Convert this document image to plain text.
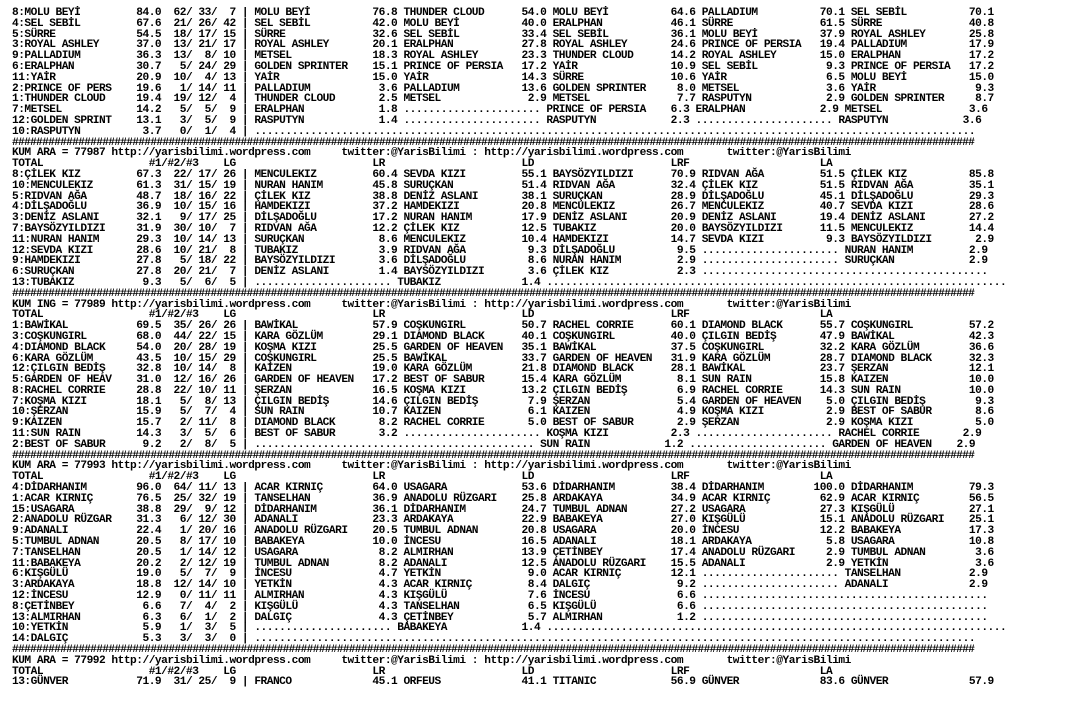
8:MOLU BEYİ         84.0  62/ 33/  7 | MOLU BEYİ          76.8 THUNDER CLOUD      54.0 MOLU BEYİ          64.6 PALLADIUM          70.1 SEL SEBİL          70.1
4:SEL SEBİL         67.6  21/ 26/ 42 | SEL SEBİL          42.0 MOLU BEYİ          40.0 ERALPHAN           46.1 SÜRRE              61.5 SÜRRE              40.8
5:SÜRRE             54.5  18/ 17/ 15 | SÜRRE              32.6 SEL SEBİL          33.4 SEL SEBİL          36.1 MOLU BEYİ          37.9 ROYAL ASHLEY       25.8
3:ROYAL ASHLEY      37.0  13/ 21/ 17 | ROYAL ASHLEY       20.1 ERALPHAN           27.8 ROYAL ASHLEY       24.6 PRINCE OF PERSIA   19.4 PALLADIUM          17.9
9:PALLADIUM         36.3  13/  8/ 10 | METSEL             18.3 ROYAL ASHLEY       23.3 THUNDER CLOUD      14.2 ROYAL ASHLEY       15.0 ERALPHAN           17.2
6:ERALPHAN          30.7   5/ 24/ 29 | GOLDEN SPRINTER    15.1 PRINCE OF PERSIA   17.2 YAİR               10.9 SEL SEBİL           9.3 PRINCE OF PERSIA   17.2
11:YAİR             20.9  10/  4/ 13 | YAİR               15.0 YAİR               14.3 SÜRRE              10.6 YAİR                6.5 MOLU BEYİ          15.0
2:PRINCE OF PERS    19.6   1/ 14/ 11 | PALLADIUM           3.6 PALLADIUM          13.6 GOLDEN SPRINTER     8.0 METSEL              3.6 YAİR                9.3
1:THUNDER CLOUD     19.4  19/ 12/  4 | THUNDER CLOUD       2.5 METSEL              2.9 METSEL              7.7 RASPUTYN            2.9 GOLDEN SPRINTER     8.7
7:METSEL            14.2   5/  5/  9 | ERALPHAN            1.8 ...................... PRINCE OF PERSIA    6.3 ERALPHAN            2.9 METSEL              3.6
12:GOLDEN SPRINT    13.1   3/  5/  9 | RASPUTYN            1.4 ...................... RASPUTYN            2.3 ...................... RASPUTYN            3.6
10:RASPUTYN          3.7   0/  1/  4 | ....................................................................................................................
################################################################################################################################################################
KUM ARA = 77987 http://yarisbilimi.wordpress.com     twitter:@YarisBilimi : http://yarisbilimi.wordpress.com       twitter:@YarisBilimi
TOTAL                 #1/#2/#3    LG                      LR                      LD                      LRF                     LA
8:ÇİLEK KIZ         67.3  22/ 17/ 26 | MENCULEKIZ         60.4 SEVDA KIZI         55.1 BAYSÖZYILDIZI      70.9 RIDVAN AĞA         51.5 ÇİLEK KIZ          85.8
10:MENCULEKIZ       61.3  31/ 15/ 19 | NURAN HANIM        45.8 SURUÇKAN           51.4 RIDVAN AĞA         32.4 ÇİLEK KIZ          51.5 RIDVAN AĞA         35.1
5:RIDVAN AĞA        48.7  18/ 16/ 22 | ÇİLEK KIZ          38.8 DENİZ ASLANI       38.1 SURUÇKAN           28.9 DİLŞADOĞLU         45.1 DİLŞADOĞLU         29.3
4:DİLŞADOĞLU        36.9  10/ 15/ 16 | HAMDEKIZI          37.2 HAMDEKIZI          20.8 MENCULEKIZ         26.7 MENCULEKIZ         40.7 SEVDA KIZI         28.6
3:DENİZ ASLANI      32.1   9/ 17/ 25 | DİLŞADOĞLU         17.2 NURAN HANIM        17.9 DENİZ ASLANI       20.9 DENİZ ASLANI       19.4 DENİZ ASLANI       27.2
7:BAYSÖZYILDIZI     31.9  30/ 10/  7 | RIDVAN AĞA         12.2 ÇİLEK KIZ          12.5 TUBAKIZ            20.0 BAYSÖZYILDIZI      11.5 MENCULEKIZ         14.4
11:NURAN HANIM      29.3  10/ 14/ 13 | SURUÇKAN            8.6 MENCULEKIZ         10.4 HAMDEKIZI          14.7 SEVDA KIZI          9.3 BAYSÖZYILDIZI       2.9
12:SEVDA KIZI       28.6  10/ 21/  8 | TUBAKIZ             3.9 RIDVAN AĞA          9.3 DİLŞADOĞLU          9.5 ...................... NURAN HANIM         2.9
9:HAMDEKIZI         27.8   5/ 18/ 22 | BAYSÖZYILDIZI       3.6 DİLŞADOĞLU          8.6 NURAN HANIM         2.9 ...................... SURUÇKAN            2.9
6:SURUÇKAN          27.8  20/ 21/  7 | DENİZ ASLANI        1.4 BAYSÖZYILDIZI       3.6 ÇİLEK KIZ           2.3 ..............................................
13:TUBAKIZ           9.3   5/  6/  5 | ...................... TUBAKIZ             1.4 ..........................................................................
################################################################################################################################################################
KUM ING = 77989 http://yarisbilimi.wordpress.com     twitter:@YarisBilimi : http://yarisbilimi.wordpress.com       twitter:@YarisBilimi
TOTAL                 #1/#2/#3    LG                      LR                      LD                      LRF                     LA
1:BAWİKAL           69.5  35/ 26/ 26 | BAWİKAL            57.9 COŞKUNGIRL         50.7 RACHEL CORRIE      60.1 DIAMOND BLACK      55.7 COŞKUNGIRL         57.2
3:COŞKUNGIRL        68.0  44/ 22/ 15 | KARA GÖZLÜM        29.1 DIAMOND BLACK      40.1 COŞKUNGIRL         40.0 ÇILGIN BEDİŞ       47.9 BAWİKAL            42.3
4:DIAMOND BLACK     54.0  20/ 28/ 19 | KOŞMA KIZI         25.5 GARDEN OF HEAVEN   35.1 BAWİKAL            37.5 COŞKUNGIRL         32.2 KARA GÖZLÜM        36.6
6:KARA GÖZLÜM       43.5  10/ 15/ 29 | COŞKUNGIRL         25.5 BAWİKAL            33.7 GARDEN OF HEAVEN   31.9 KARA GÖZLÜM        28.7 DIAMOND BLACK      32.3
12:ÇILGIN BEDİŞ     32.8  10/ 14/  8 | KAIZEN             19.0 KARA GÖZLÜM        21.8 DIAMOND BLACK      28.1 BAWİKAL            23.7 ŞERZAN             12.1
5:GARDEN OF HEAV    31.0  12/ 16/ 26 | GARDEN OF HEAVEN   17.2 BEST OF SABUR      15.4 KARA GÖZLÜM         8.1 SUN RAIN           15.8 KAIZEN             10.0
8:RACHEL CORRIE     28.8  22/ 10/ 11 | ŞERZAN             16.5 KOŞMA KIZI         13.2 ÇILGIN BEDİŞ        6.9 RACHEL CORRIE      14.3 SUN RAIN           10.0
7:KOŞMA KIZI        18.1   5/  8/ 13 | ÇILGIN BEDİŞ       14.6 ÇILGIN BEDİŞ        7.9 ŞERZAN              5.4 GARDEN OF HEAVEN    5.0 ÇILGIN BEDİŞ        9.3
10:ŞERZAN           15.9   5/  7/  4 | SUN RAIN           10.7 KAIZEN              6.1 KAIZEN              4.9 KOŞMA KIZI          2.9 BEST OF SABUR       8.6
9:KAIZEN            15.7   2/ 11/  8 | DIAMOND BLACK       8.2 RACHEL CORRIE       5.0 BEST OF SABUR       2.9 ŞERZAN              2.9 KOŞMA KIZI          5.0
11:SUN RAIN         14.3   3/  5/  6 | BEST OF SABUR       3.2 ...................... KOŞMA KIZI          2.3 ...................... RACHEL CORRIE       2.9
2:BEST OF SABUR      9.2   2/  8/  5 | ............................................. SUN RAIN            1.2 ...................... GARDEN OF HEAVEN    2.9
################################################################################################################################################################
KUM ARA = 77993 http://yarisbilimi.wordpress.com     twitter:@YarisBilimi : http://yarisbilimi.wordpress.com       twitter:@YarisBilimi
TOTAL                 #1/#2/#3    LG                      LR                      LD                      LRF                     LA
4:DİDARHANIM        96.0  64/ 11/ 13 | ACAR KIRNIÇ        64.0 USAGARA            53.6 DİDARHANIM         38.4 DİDARHANIM        100.0 DİDARHANIM         79.3
1:ACAR KIRNIÇ       76.5  25/ 32/ 19 | TANSELHAN          36.9 ANADOLU RÜZGARI    25.8 ARDAKAYA           34.9 ACAR KIRNIÇ        62.9 ACAR KIRNIÇ        56.5
15:USAGARA          38.8  29/  9/ 12 | DİDARHANIM         36.1 DİDARHANIM         24.7 TUMBUL ADNAN       27.2 USAGARA            27.3 KIŞGÜLÜ            27.1
2:ANADOLU RÜZGAR    31.3   6/ 12/ 30 | ADANALI            23.3 ARDAKAYA           22.9 BABAKEYA           27.0 KIŞGÜLÜ            15.1 ANADOLU RÜZGARI    25.1
9:ADANALI           22.4   1/ 20/ 16 | ANADOLU RÜZGARI    20.5 TUMBUL ADNAN       20.8 USAGARA            20.0 İNCESU             12.2 BABAKEYA           17.3
5:TUMBUL ADNAN      20.5   8/ 17/ 10 | BABAKEYA           10.0 İNCESU             16.5 ADANALI            18.1 ARDAKAYA            5.8 USAGARA            10.8
7:TANSELHAN         20.5   1/ 14/ 12 | USAGARA             8.2 ALMIRHAN           13.9 ÇETİNBEY           17.4 ANADOLU RÜZGARI     2.9 TUMBUL ADNAN        3.6
11:BABAKEYA         20.2   2/ 12/ 19 | TUMBUL ADNAN        8.2 ADANALI            12.5 ANADOLU RÜZGARI    15.5 ADANALI             2.9 YETKİN              3.6
6:KIŞGÜLÜ           19.0   5/  7/  9 | İNCESU              4.7 YETKİN              9.0 ACAR KIRNIÇ        12.1 ...................... TANSELHAN           2.9
3:ARDAKAYA          18.8  12/ 14/ 10 | YETKİN              4.3 ACAR KIRNIÇ         8.4 DALGIÇ              9.2 ...................... ADANALI             2.9
12:İNCESU           12.9   0/ 11/ 11 | ALMIRHAN            4.3 KIŞGÜLÜ             7.6 İNCESU              6.6 ..............................................
8:ÇETİNBEY           6.6   7/  4/  2 | KIŞGÜLÜ             4.3 TANSELHAN           6.5 KIŞGÜLÜ             6.6 ..............................................
13:ALMIRHAN          6.3   6/  1/  2 | DALGIÇ              4.3 ÇETİNBEY            5.7 ALMIRHAN            1.2 ..............................................
10:YETKİN            5.9   1/  3/  5 | ...................... BABAKEYA            1.4 ..........................................................................
14:DALGIÇ            5.3   3/  3/  0 | ....................................................................................................................
################################################################################################################################################################
KUM ARA = 77992 http://yarisbilimi.wordpress.com     twitter:@YarisBilimi : http://yarisbilimi.wordpress.com       twitter:@YarisBilimi
TOTAL                 #1/#2/#3    LG                      LR                      LD                      LRF                     LA
13:GÜNVER           71.9  31/ 25/  9 | FRANCO             45.1 ORFEUS             41.1 TITANIC            56.9 GÜNVER             83.6 GÜNVER             57.9
